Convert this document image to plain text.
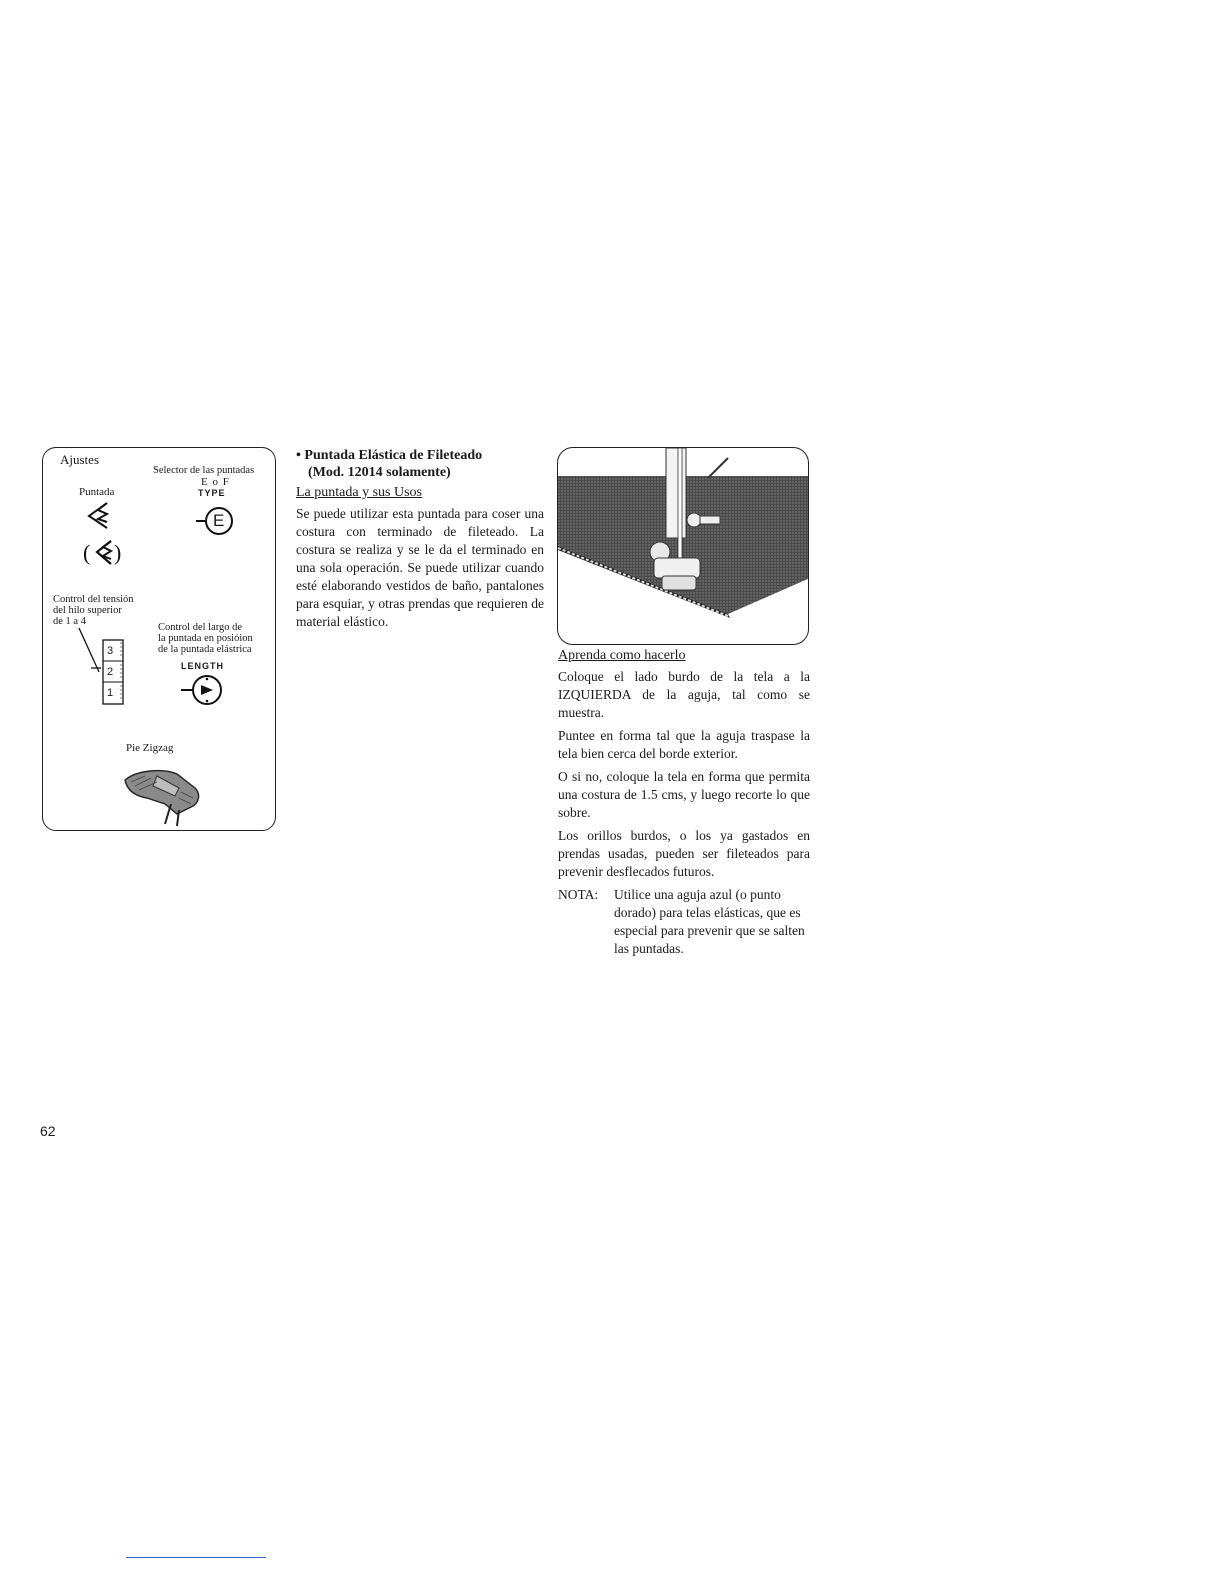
Ajustes
Selector de las puntadas
Puntada
E o F
TYPE
( )
E
Control del tensión
del hilo superior
de 1 a 4
Control del largo de
la puntada en posióion
de la puntada elástrica
LENGTH
3
2
1
Pie Zigzag
• Puntada Elástica de Fileteado
(Mod. 12014 solamente)
La puntada y sus Usos

Se puede utilizar esta puntada para coser una costura con terminado de fileteado. La costura se realiza y se le da el terminado en una sola operación. Se puede utilizar cuando esté elaborando vestidos de baño, pantalones para esquiar, y otras prendas que requieren de material elástico.

Aprenda como hacerlo

Coloque el lado burdo de la tela a la IZQUIERDA de la aguja, tal como se muestra.

Puntee en forma tal que la aguja traspase la tela bien cerca del borde exterior.

O si no, coloque la tela en forma que permita una costura de 1.5 cms, y luego recorte lo que sobre.

Los orillos burdos, o los ya gastados en prendas usadas, pueden ser fileteados para prevenir desflecados futuros.

NOTA:	Utilice una aguja azul (o punto dorado) para telas elásticas, que es especial para prevenir que se salten las puntadas.
62
